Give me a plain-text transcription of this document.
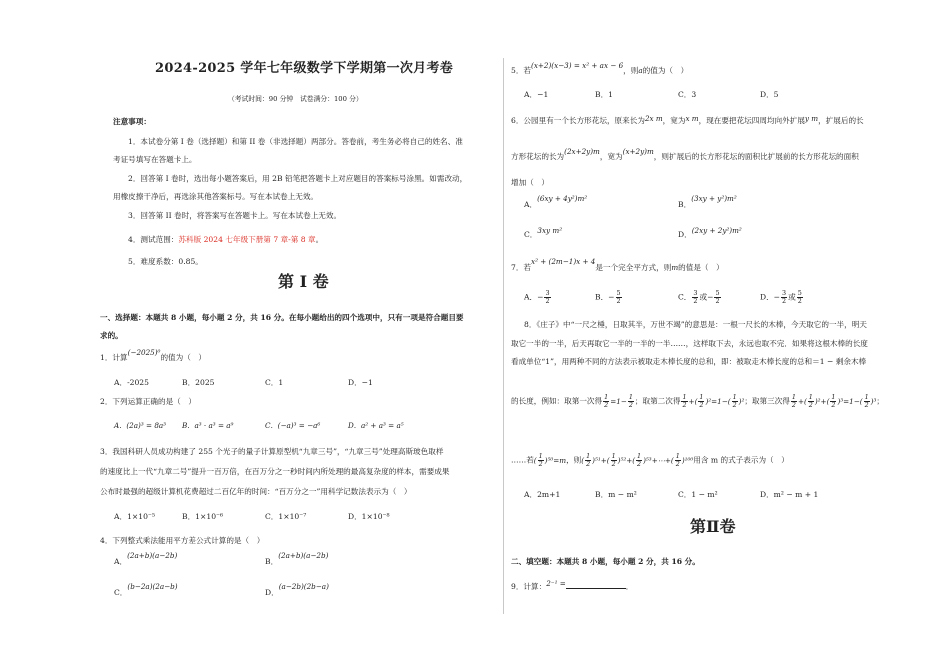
2024-2025 学年七年级数学下学期第一次月考卷
（考试时间：90 分钟　试卷满分：100 分）
注意事项：
1．本试卷分第 I 卷（选择题）和第 II 卷（非选择题）两部分。答卷前，考生务必将自己的姓名、准
考证号填写在答题卡上。
2．回答第 I 卷时，选出每小题答案后，用 2B 铅笔把答题卡上对应题目的答案标号涂黑。如需改动，
用橡皮擦干净后，再选涂其他答案标号。写在本试卷上无效。
3．回答第 II 卷时，将答案写在答题卡上。写在本试卷上无效。
4．测试范围：苏科版 2024 七年级下册第 7 章-第 8 章。
5．难度系数：0.85。
第 I 卷
一、选择题：本题共 8 小题，每小题 2 分，共 16 分。在每小题给出的四个选项中，只有一项是符合题目要
求的。
1．计算(−2025)⁰的值为（　）
A．-2025	B．2025	C．1	D．−1
2．下列运算正确的是（　）
A．(2a)³ = 8a³ B．a³ · a³ = a⁹	C．(−a)³ = −a⁶	D．a² + a³ = a⁵
3．我国科研人员成功构建了 255 个光子的量子计算原型机“九章三号”，“九章三号”处理高斯玻色取样
的速度比上一代“九章二号”提升一百万倍，在百万分之一秒时间内所处理的最高复杂度的样本，需要成果
公布时最强的超级计算机花费超过二百亿年的时间：“百万分之一”用科学记数法表示为（　）
A．1×10⁻⁵	B．1×10⁻⁶	C．1×10⁻⁷	D．1×10⁻⁸
4．下列整式乘法能用平方差公式计算的是（　）
A．(2a+b)(a−2b)
B．(2a+b)(a−2b)
C．(b−2a)(2a−b)
D．(a−2b)(2b−a)
5．若(x+2)(x−3) = x² + ax − 6，则a的值为（　）
A．−1	B．1	C．3	D．5
6．公园里有一个长方形花坛，原来长为2x m，宽为x m，现在要把花坛四周均向外扩展y m，扩展后的长
方形花坛的长为(2x+2y)m，宽为(x+2y)m，则扩展后的长方形花坛的面积比扩展前的长方形花坛的面积
增加（　）
A．(6xy + 4y²)m²
B．(3xy + y²)m²
C．3xy m²	D．(2xy + 2y²)m²
7．若x² + (2m−1)x + 4是一个完全平方式，则m的值是（　）
A．− $\frac{3}{2}$	B．− $\frac{5}{2}$	C． $\frac{3}{2}$ 或− $\frac{5}{2}$	D．− $\frac{3}{2}$ 或 $\frac{5}{2}$
8．《庄子》中“一尺之棰，日取其半，万世不竭”的意思是：一根一尺长的木棒，今天取它的一半，明天
取它一半的一半，后天再取它一半的一半的一半……，这样取下去，永远也取不完．如果将这根木棒的长度
看成单位“1”，用两种不同的方法表示被取走木棒长度的总和，即：被取走木棒长度的总和＝1 − 剩余木棒
的长度，例如：取第一次得 $\frac{1}{2} =1- \frac{1}{2}$ ；取第二次得 $\frac{1}{2}$ +( $\frac{1}{2} )^2=1-( \frac{1}{2} )^2$；取第三次得 $\frac{1}{2}$ +( $\frac{1}{2} )^2+( \frac{1}{2} )^3=1-( \frac{1}{2} )^3$；
……若( $\frac{1}{2} )^{50}=m$，则( $\frac{1}{2} )^{51}+( \frac{1}{2} )^{52}+( \frac{1}{2}$ )⁵³+⋯+( $\frac{1}{2} )^{100}$用含 m 的式子表示为（　）
A．2m+1	B．m − m²	C．1 − m²	D．m² − m + 1
第Ⅱ卷
二、填空题：本题共 8 小题，每小题 2 分，共 16 分。
9．计算：2⁻¹ =	．
